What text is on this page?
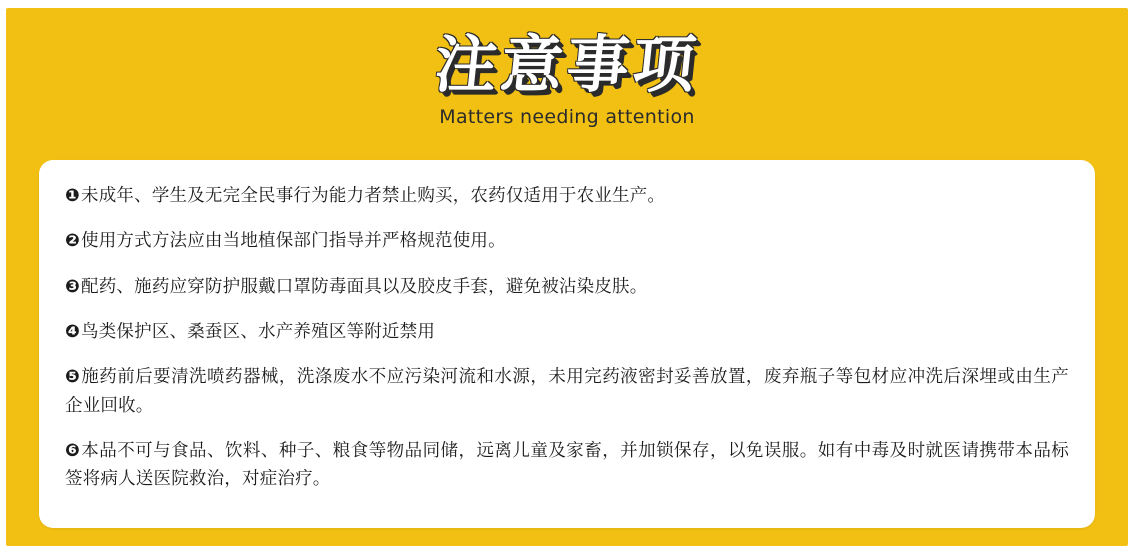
注意事项
Matters needing attention

❶未成年、学生及无完全民事行为能力者禁止购买，农药仅适用于农业生产。

❷使用方式方法应由当地植保部门指导并严格规范使用。

❸配药、施药应穿防护服戴口罩防毒面具以及胶皮手套，避免被沾染皮肤。

❹鸟类保护区、桑蚕区、水产养殖区等附近禁用

❺施药前后要清洗喷药器械，洗涤废水不应污染河流和水源，未用完药液密封妥善放置，废弃瓶子等包材应冲洗后深埋或由生产企业回收。

❻本品不可与食品、饮料、种子、粮食等物品同储，远离儿童及家畜，并加锁保存，以免误服。如有中毒及时就医请携带本品标签将病人送医院救治，对症治疗。
